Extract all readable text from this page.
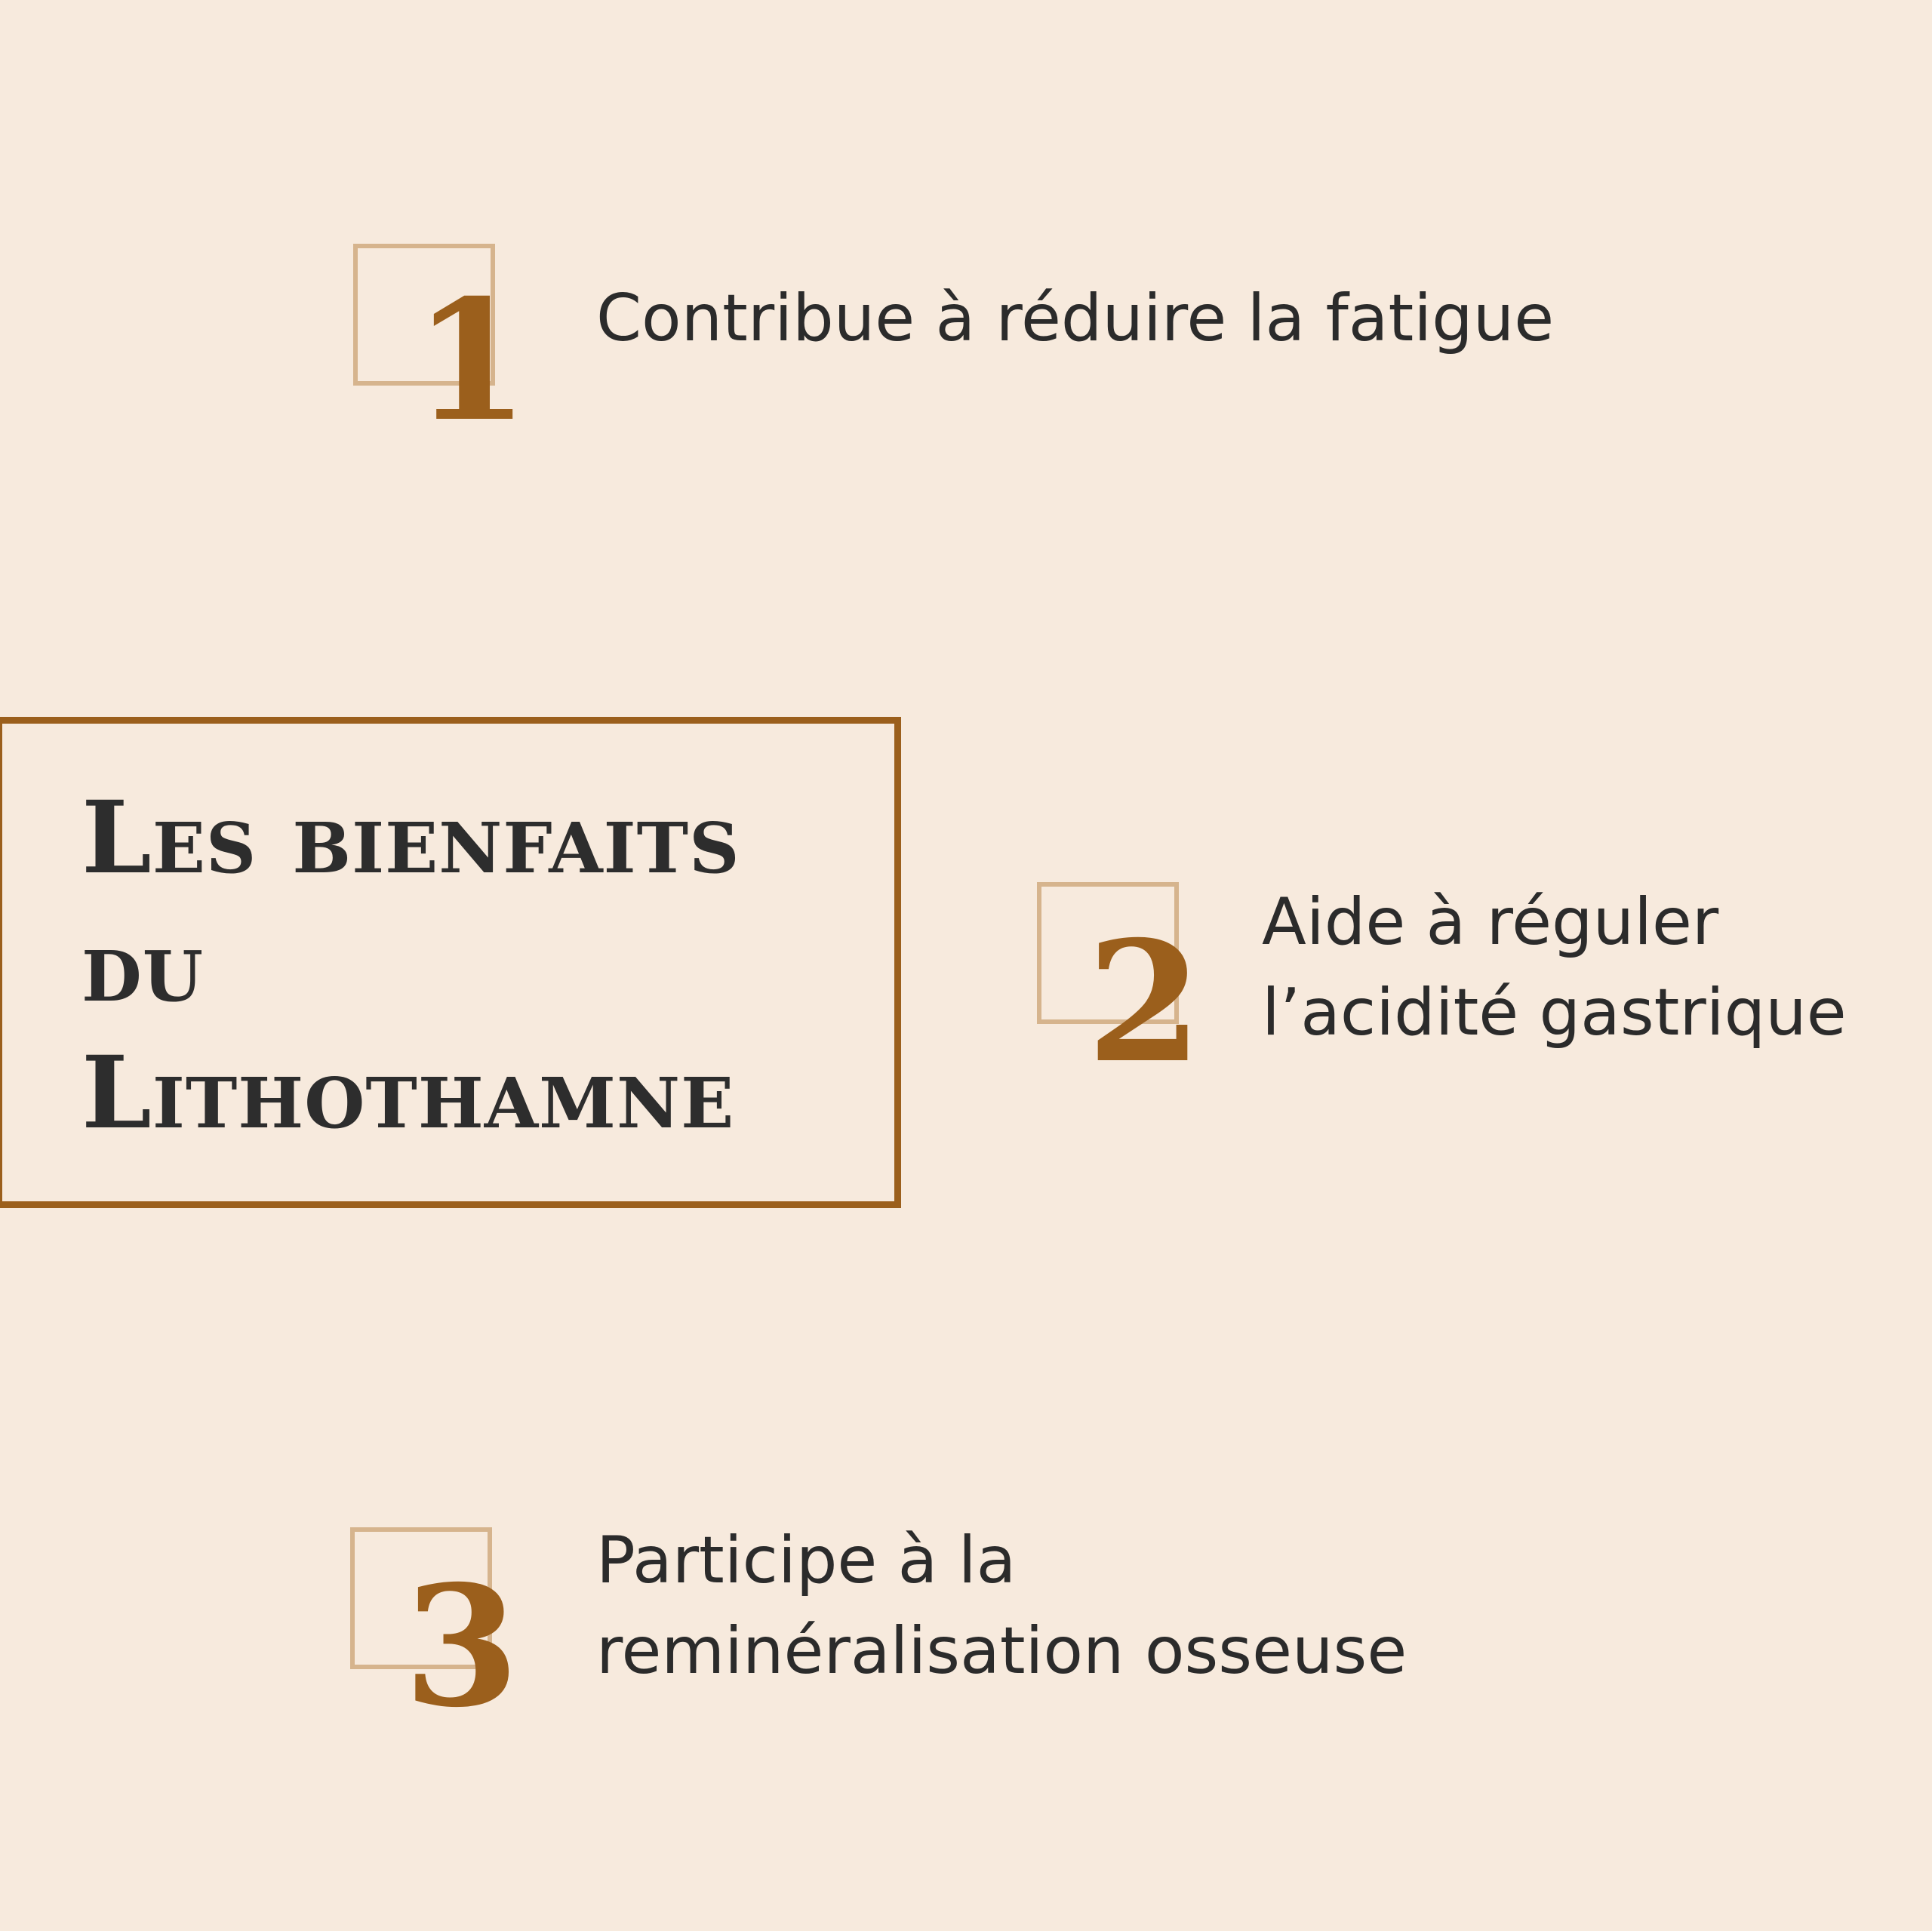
Les bienfaits
du
Lithothamne
1 Contribue à réduire la fatigue
2 Aide à réguler
l’acidité gastrique
3 Participe à la
reminéralisation osseuse
